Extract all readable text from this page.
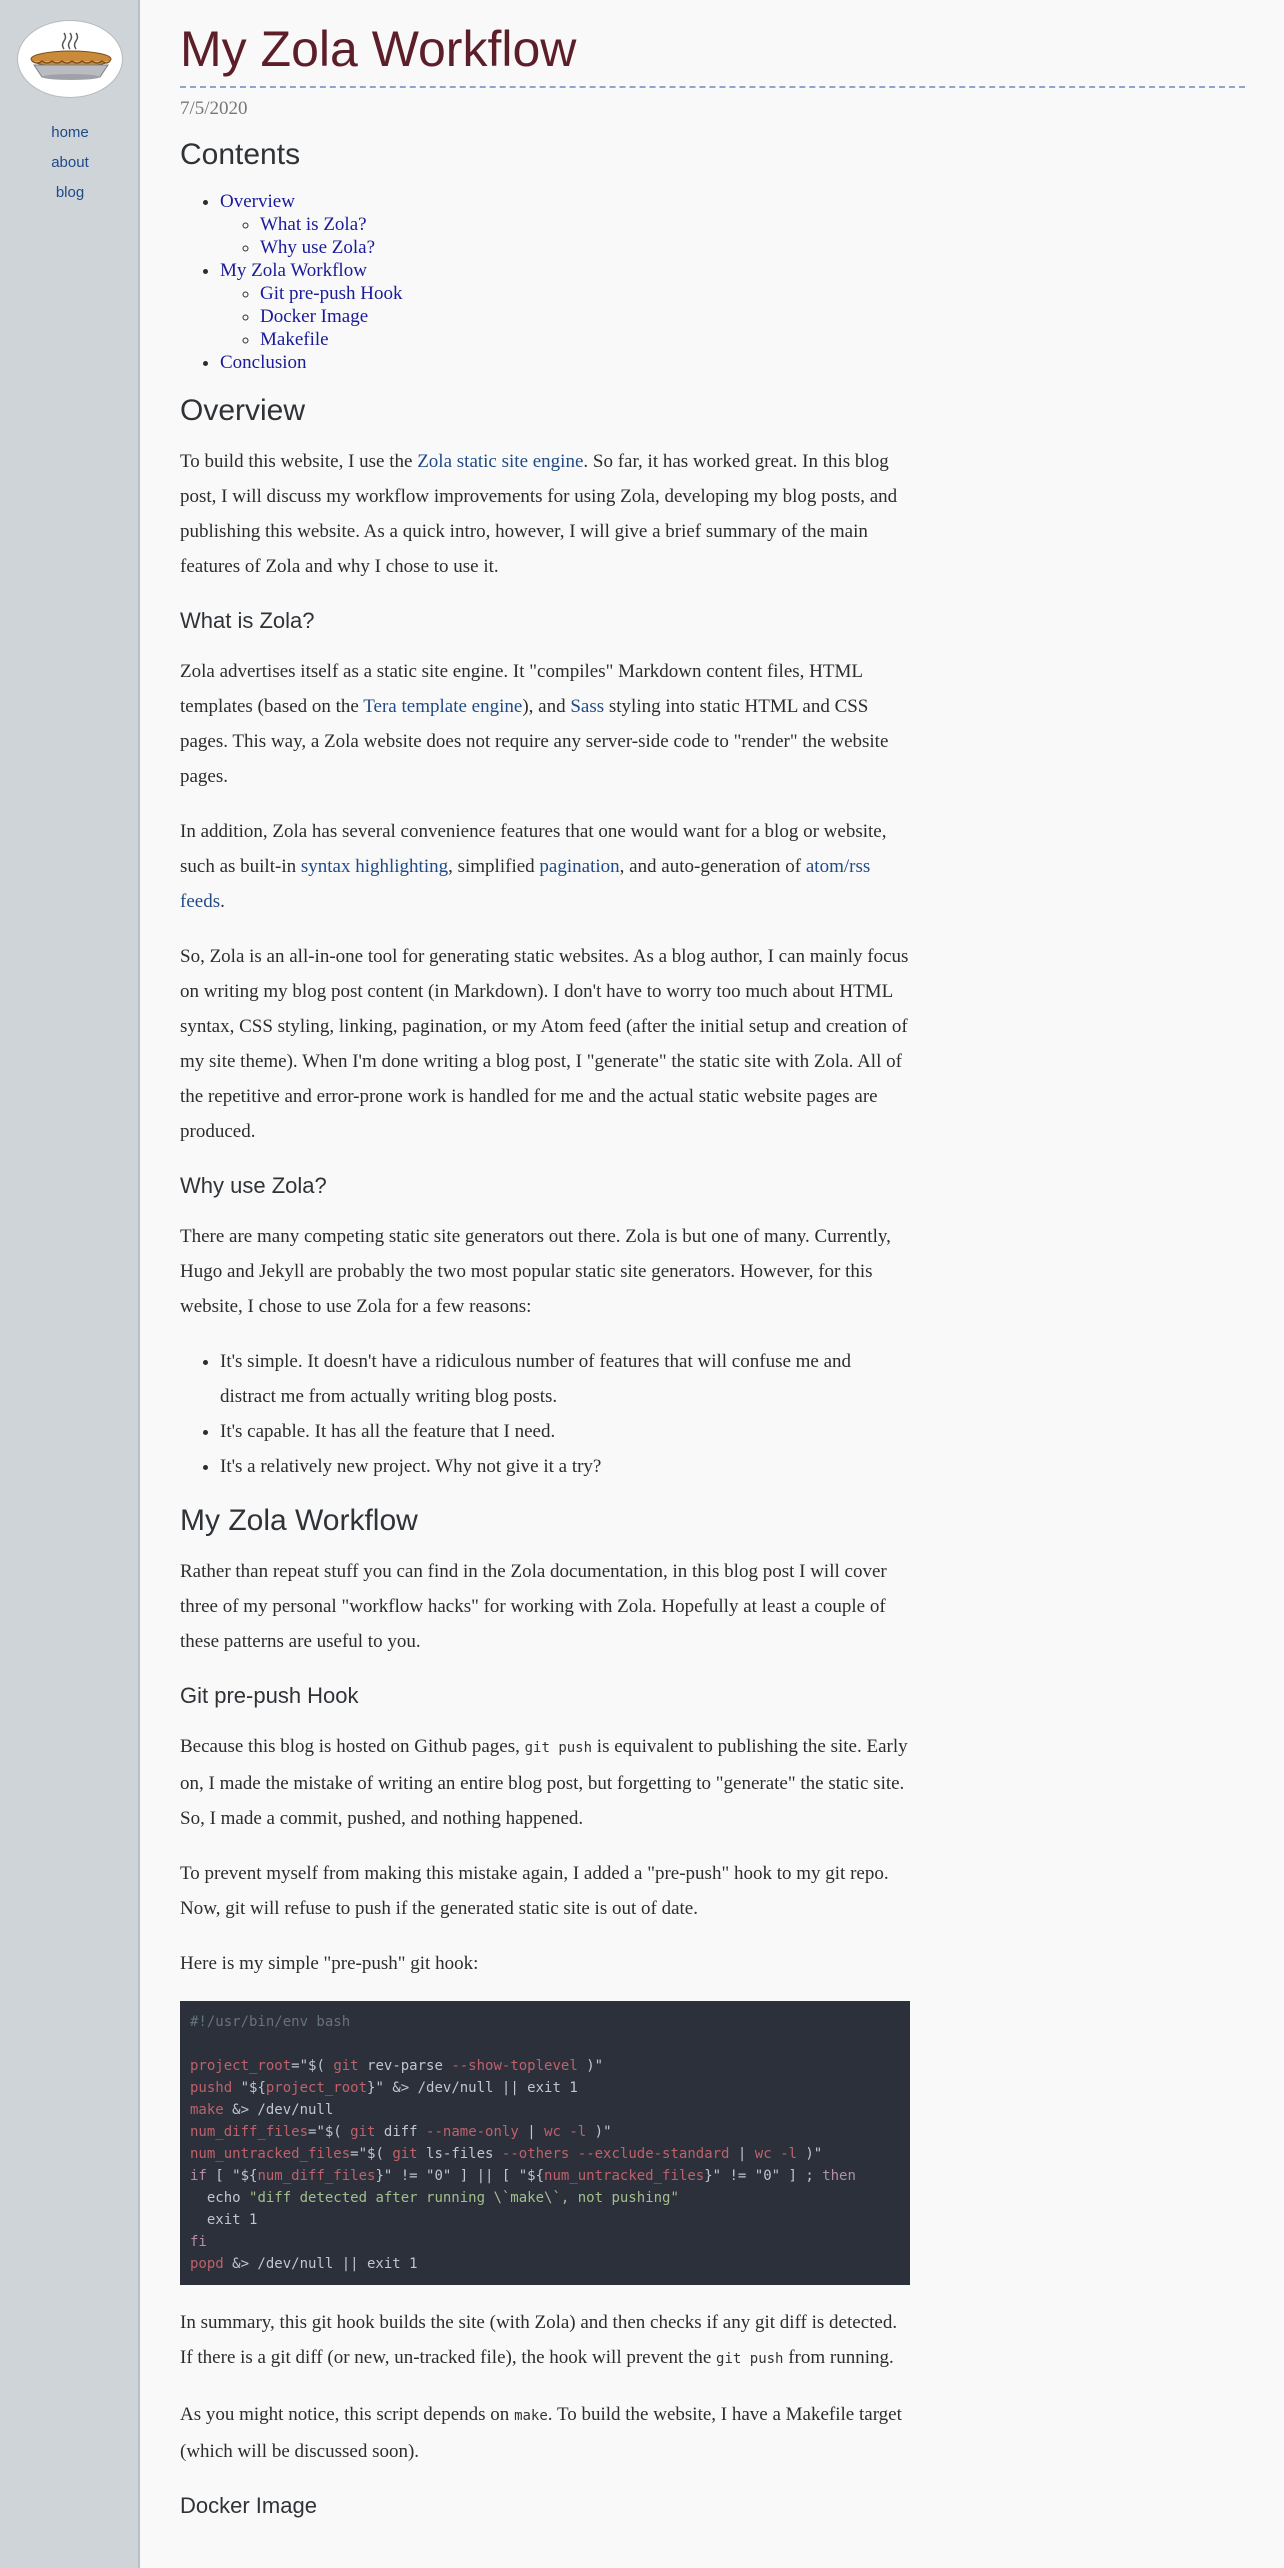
home
about
blog
My Zola Workflow
7/5/2020
Contents
• Overview
◦ What is Zola?
◦ Why use Zola?
• My Zola Workflow
◦ Git pre-push Hook
◦ Docker Image
◦ Makefile
• Conclusion
Overview

To build this website, I use the Zola static site engine. So far, it has worked great. In this blog post, I will discuss my workflow improvements for using Zola, developing my blog posts, and publishing this website. As a quick intro, however, I will give a brief summary of the main features of Zola and why I chose to use it.

What is Zola?

Zola advertises itself as a static site engine. It "compiles" Markdown content files, HTML templates (based on the Tera template engine), and Sass styling into static HTML and CSS pages. This way, a Zola website does not require any server-side code to "render" the website pages.

In addition, Zola has several convenience features that one would want for a blog or website, such as built-in syntax highlighting, simplified pagination, and auto-generation of atom/rss feeds.

So, Zola is an all-in-one tool for generating static websites. As a blog author, I can mainly focus on writing my blog post content (in Markdown). I don't have to worry too much about HTML syntax, CSS styling, linking, pagination, or my Atom feed (after the initial setup and creation of my site theme). When I'm done writing a blog post, I "generate" the static site with Zola. All of the repetitive and error-prone work is handled for me and the actual static website pages are produced.

Why use Zola?

There are many competing static site generators out there. Zola is but one of many. Currently, Hugo and Jekyll are probably the two most popular static site generators. However, for this website, I chose to use Zola for a few reasons:

• It's simple. It doesn't have a ridiculous number of features that will confuse me and distract me from actually writing blog posts.
• It's capable. It has all the feature that I need.
• It's a relatively new project. Why not give it a try?
My Zola Workflow

Rather than repeat stuff you can find in the Zola documentation, in this blog post I will cover three of my personal "workflow hacks" for working with Zola. Hopefully at least a couple of these patterns are useful to you.

Git pre-push Hook

Because this blog is hosted on Github pages, git push is equivalent to publishing the site. Early on, I made the mistake of writing an entire blog post, but forgetting to "generate" the static site. So, I made a commit, pushed, and nothing happened.

To prevent myself from making this mistake again, I added a "pre-push" hook to my git repo. Now, git will refuse to push if the generated static site is out of date.

Here is my simple "pre-push" git hook:

#!/usr/bin/env bash

project_root="$( git rev-parse --show-toplevel )"
pushd "${project_root}" &> /dev/null || exit 1
make &> /dev/null
num_diff_files="$( git diff --name-only | wc -l )"
num_untracked_files="$( git ls-files --others --exclude-standard | wc -l )"
if [ "${num_diff_files}" != "0" ] || [ "${num_untracked_files}" != "0" ] ; then
echo "diff detected after running \`make\`, not pushing"
exit 1
fi
popd &> /dev/null || exit 1

In summary, this git hook builds the site (with Zola) and then checks if any git diff is detected. If there is a git diff (or new, un-tracked file), the hook will prevent the git push from running.

As you might notice, this script depends on make. To build the website, I have a Makefile target (which will be discussed soon).

Docker Image
